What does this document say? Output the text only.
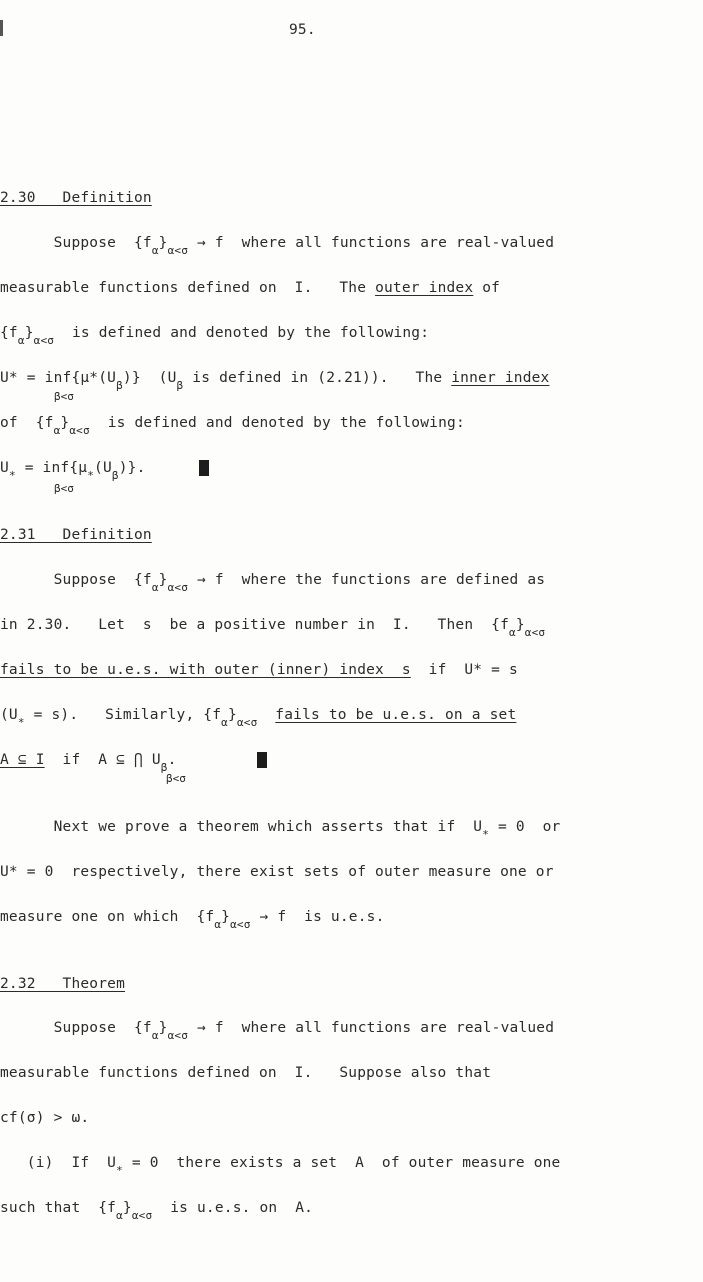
95.
2.30   Definition
Suppose  $\{f_\alpha\}_{\alpha<\sigma} \to f$  where all functions are real-valued
measurable functions defined on  I.   The outer index of
$\{f_\alpha\}_{\alpha<\sigma}$  is defined and denoted by the following:
$U* = inf\{\mu*(U_\beta)\}$  ($U_\beta$ is defined in (2.21)).   The inner index
β<σ
of  $\{f_\alpha\}_{\alpha<\sigma}$  is defined and denoted by the following:
$U_* = inf\{\mu_*(U_\beta)\}$.
β<σ
2.31   Definition
Suppose  $\{f_\alpha\}_{\alpha<\sigma} \to f$  where the functions are defined as
in 2.30.   Let  s  be a positive number in  I.   Then  $\{f_\alpha\}_{\alpha<\sigma}$
fails to be u.e.s. with outer (inner) index  s  if  U* = s
$(U_* = s)$.   Similarly, $\{f_\alpha\}_{\alpha<\sigma}$ fails to be u.e.s. on a set
A ⊆ I  if  A ⊆ ⋂ $U_\beta$.
β<σ
Next we prove a theorem which asserts that if  $U_* = 0$  or
U* = 0  respectively, there exist sets of outer measure one or
measure one on which  $\{f_\alpha\}_{\alpha<\sigma} \to f$  is u.e.s.
2.32   Theorem
Suppose  $\{f_\alpha\}_{\alpha<\sigma} \to f$  where all functions are real-valued
measurable functions defined on  I.   Suppose also that
cf(σ) > ω.
(i)  If  $U_* = 0$  there exists a set  A  of outer measure one
such that  $\{f_\alpha\}_{\alpha<\sigma}$  is u.e.s. on  A.
